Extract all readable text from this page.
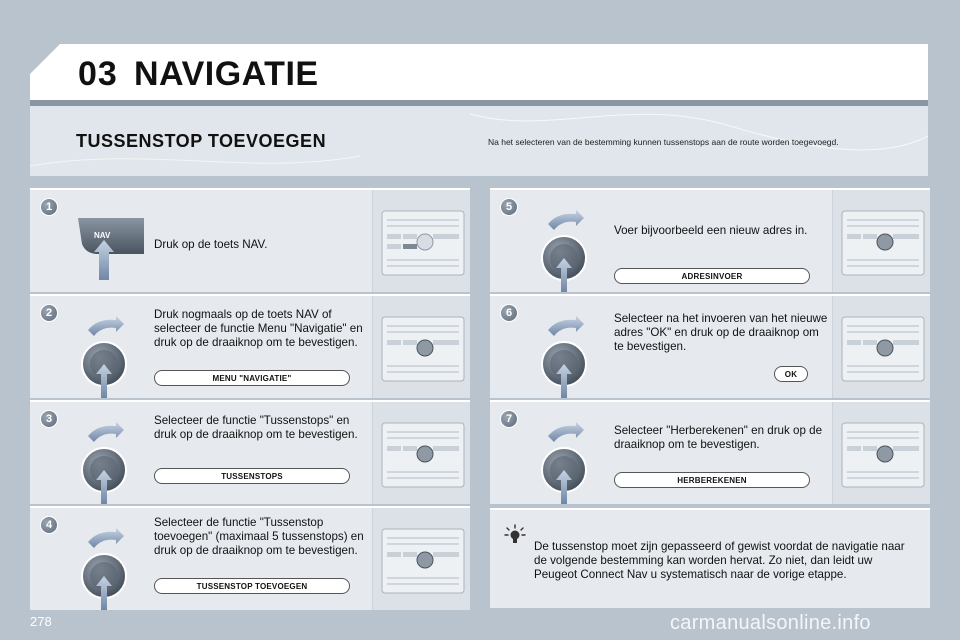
03 NAVIGATIE
TUSSENSTOP TOEVOEGEN	Na het selecteren van de bestemming kunnen tussenstops aan de route worden toegevoegd.
1
NAV
Druk op de toets NAV.
2	Druk nogmaals op de toets NAV of selecteer de functie Menu "Navigatie" en druk op de draaiknop om te bevestigen.
MENU "NAVIGATIE"
3	Selecteer de functie "Tussenstops" en druk op de draaiknop om te bevestigen.
TUSSENSTOPS
4	Selecteer de functie "Tussenstop toevoegen" (maximaal 5 tussenstops) en druk op de draaiknop om te bevestigen.
TUSSENSTOP TOEVOEGEN
5
Voer bijvoorbeeld een nieuw adres in.
ADRESINVOER
6	Selecteer na het invoeren van het nieuwe adres "OK" en druk op de draaiknop om te bevestigen.
OK
7
Selecteer "Herberekenen" en druk op de draaiknop om te bevestigen.
HERBEREKENEN
De tussenstop moet zijn gepasseerd of gewist voordat de navigatie naar de volgende bestemming kan worden hervat. Zo niet, dan leidt uw Peugeot Connect Nav u systematisch naar de vorige etappe.
278	carmanualsonline.info
